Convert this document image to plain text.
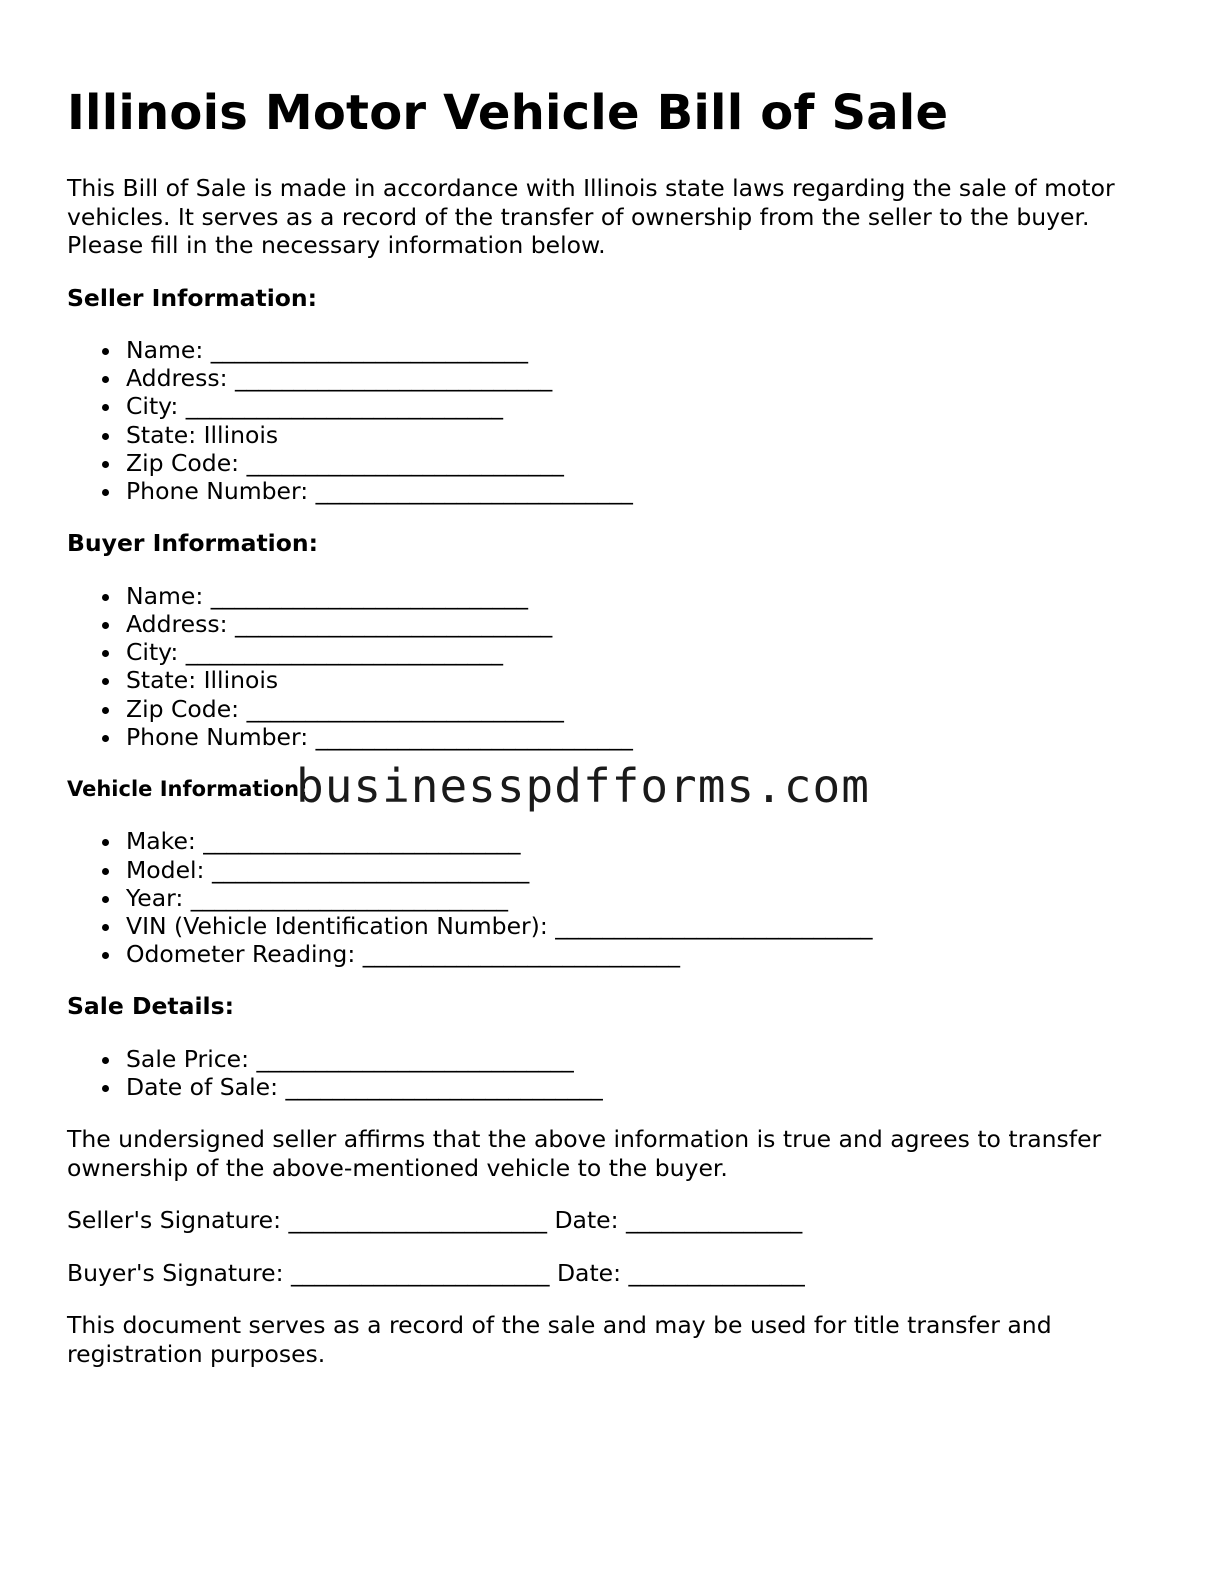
Illinois Motor Vehicle Bill of Sale

This Bill of Sale is made in accordance with Illinois state laws regarding the sale of motor vehicles. It serves as a record of the transfer of ownership from the seller to the buyer. Please fill in the necessary information below.

Seller Information:
Name: ___________________________
Address: ___________________________
City: ___________________________
State: Illinois
Zip Code: ___________________________
Phone Number: ___________________________
Buyer Information:
Name: ___________________________
Address: ___________________________
City: ___________________________
State: Illinois
Zip Code: ___________________________
Phone Number: ___________________________
Vehicle Information:
Make: ___________________________
Model: ___________________________
Year: ___________________________
VIN (Vehicle Identification Number): ___________________________
Odometer Reading: ___________________________
Sale Details:
Sale Price: ___________________________
Date of Sale: ___________________________

The undersigned seller affirms that the above information is true and agrees to transfer ownership of the above-mentioned vehicle to the buyer.

Seller's Signature: ______________________ Date: _______________

Buyer's Signature: ______________________ Date: _______________

This document serves as a record of the sale and may be used for title transfer and registration purposes.

businesspdfforms.com
